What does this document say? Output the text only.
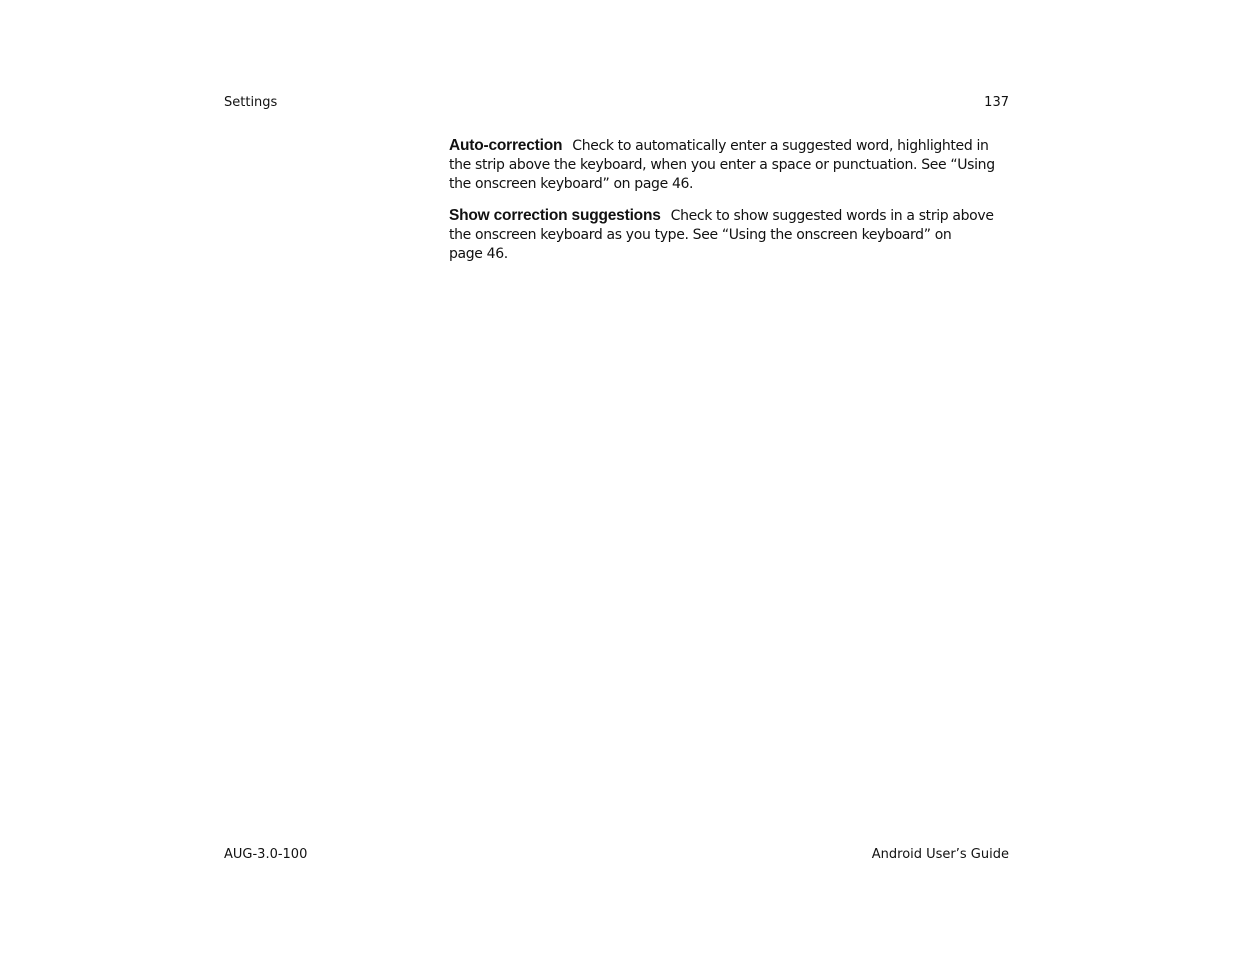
Settings	137

Auto-correction Check to automatically enter a suggested word, highlighted in
the strip above the keyboard, when you enter a space or punctuation. See “Using
the onscreen keyboard” on page 46.

Show correction suggestions Check to show suggested words in a strip above
the onscreen keyboard as you type. See “Using the onscreen keyboard” on
page 46.

AUG-3.0-100	Android User’s Guide
